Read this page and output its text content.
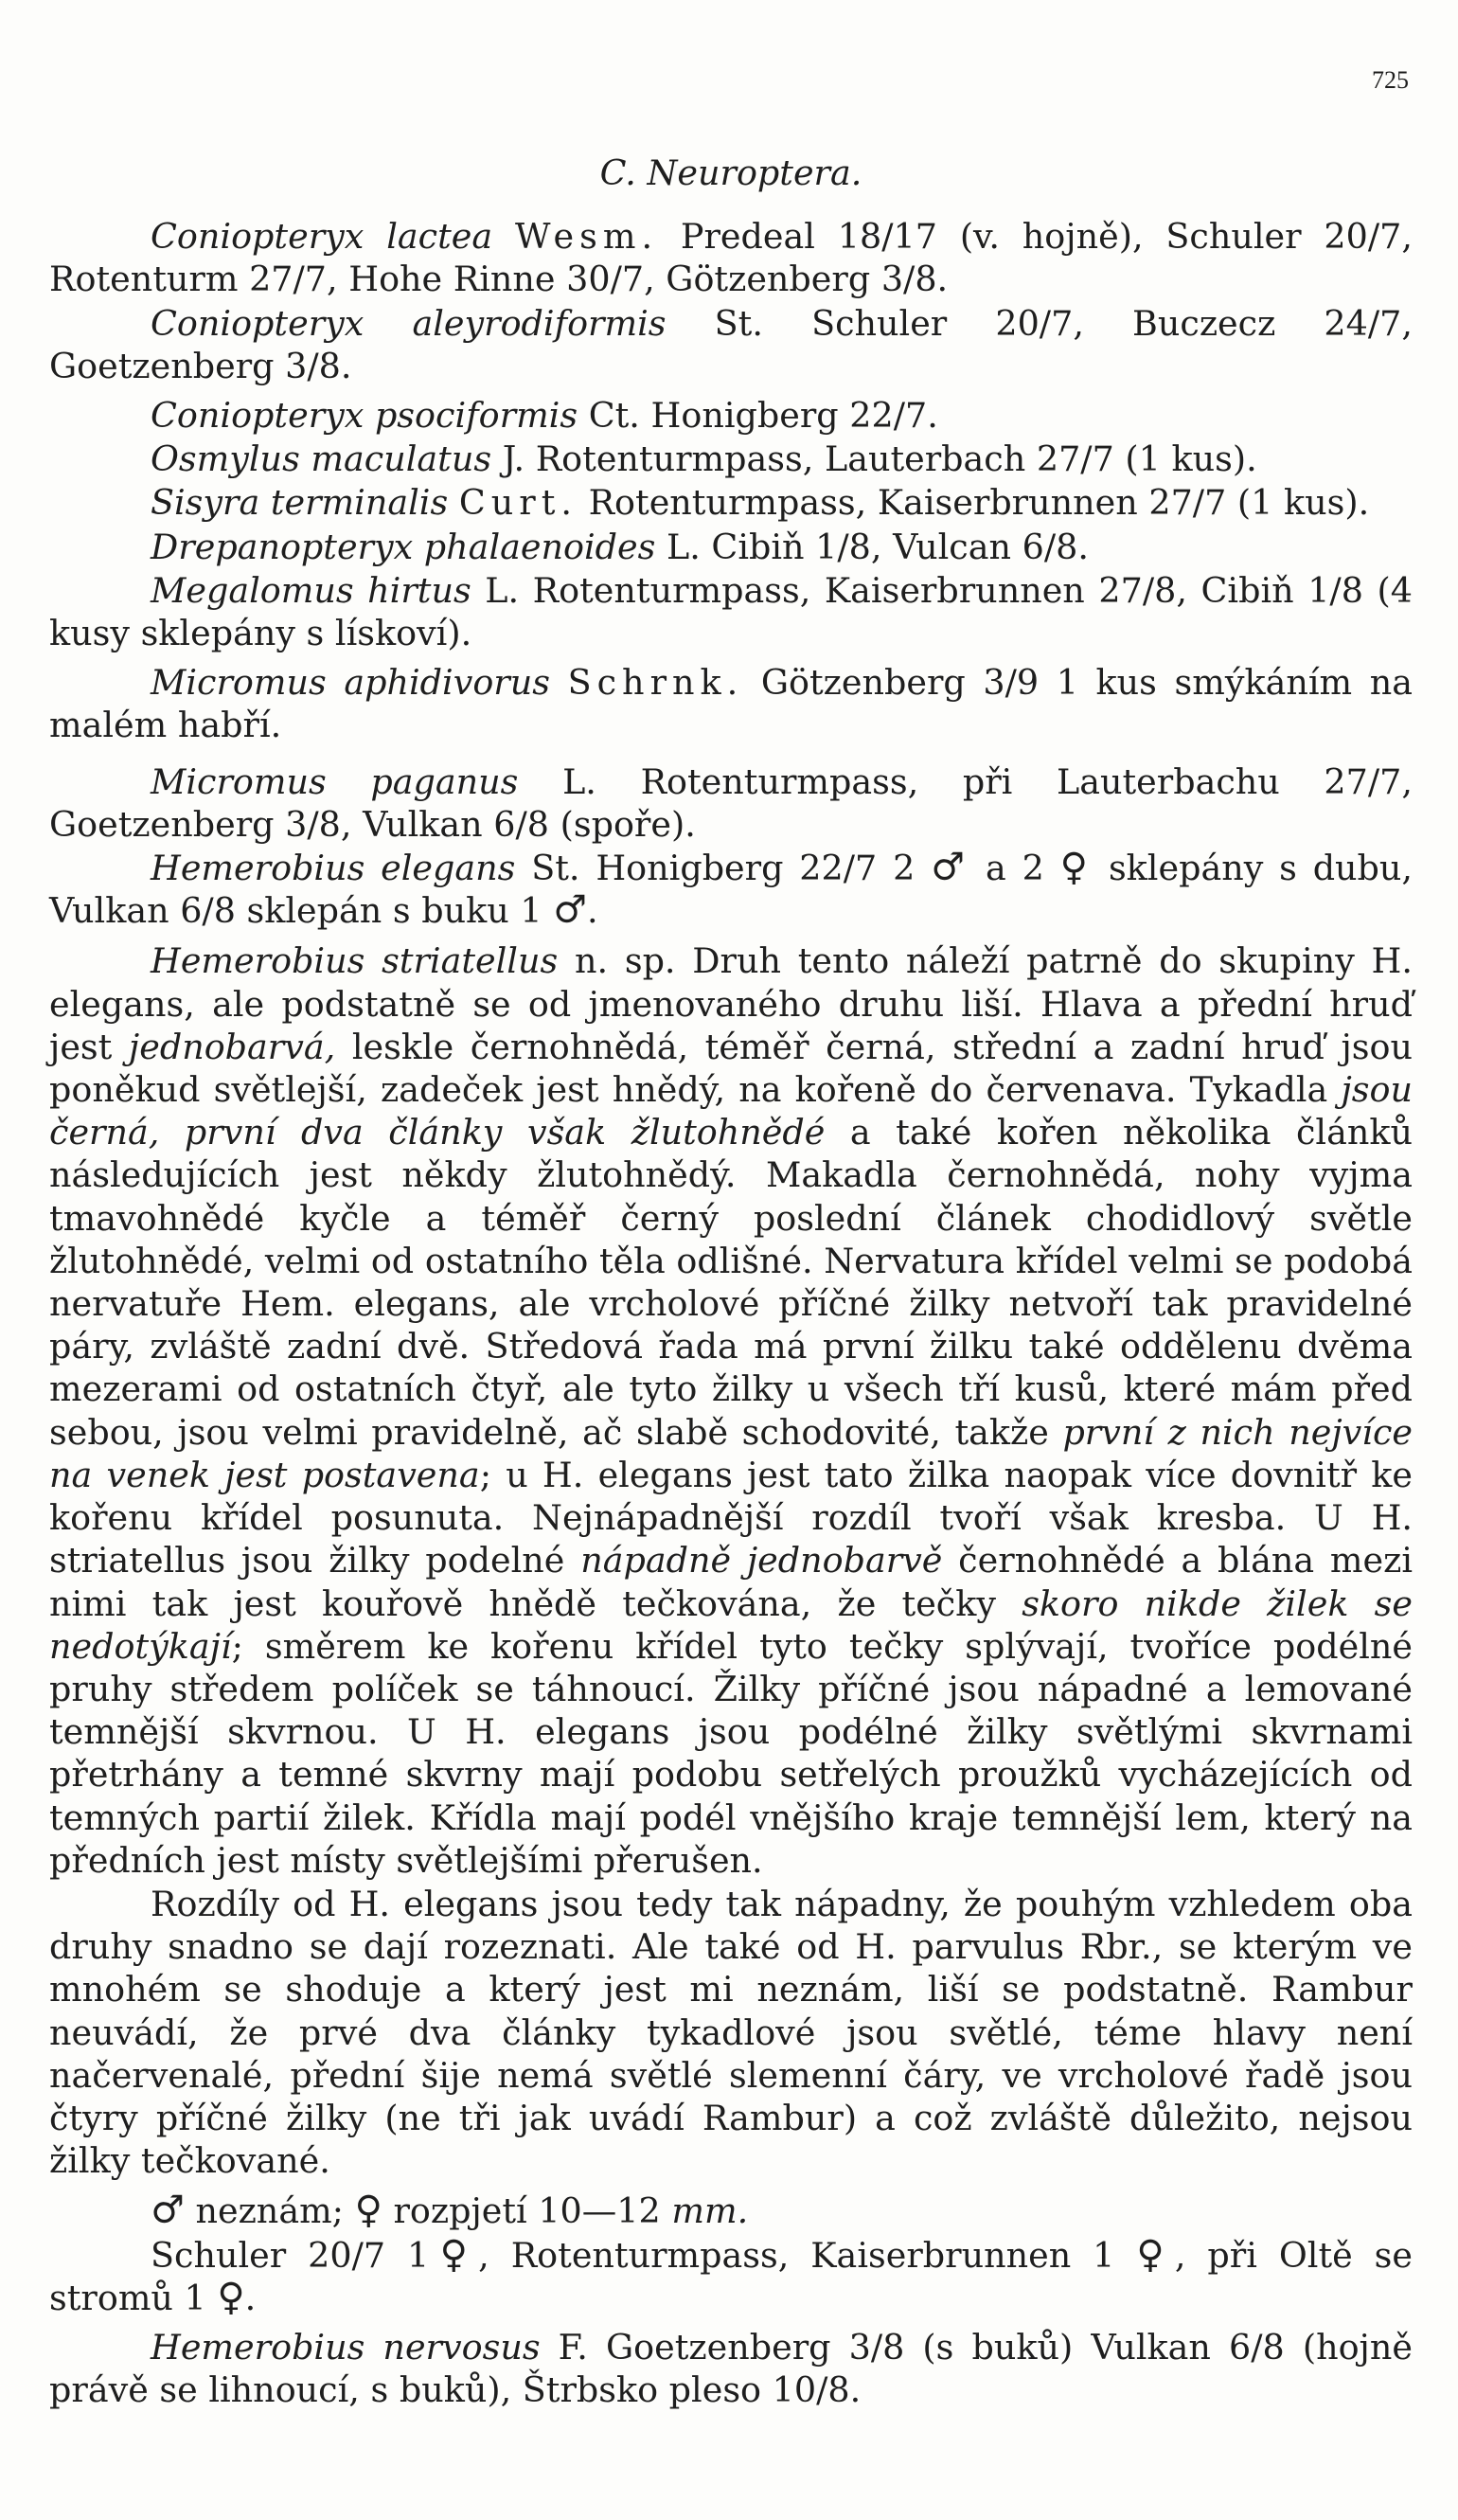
725
C. Neuroptera.
Coniopteryx lactea Wesm. Predeal 18/17 (v. hojně), Schuler 20/7, Rotenturm 27/7, Hohe Rinne 30/7, Götzenberg 3/8.
Coniopteryx aleyrodiformis St. Schuler 20/7, Buczecz 24/7, Goetzenberg 3/8.
Coniopteryx psociformis Ct. Honigberg 22/7.
Osmylus maculatus J. Rotenturmpass, Lauterbach 27/7 (1 kus).
Sisyra terminalis Curt. Rotenturmpass, Kaiserbrunnen 27/7 (1 kus).
Drepanopteryx phalaenoides L. Cibiň 1/8, Vulcan 6/8.
Megalomus hirtus L. Rotenturmpass, Kaiserbrunnen 27/8, Cibiň 1/8 (4 kusy sklepány s lískoví).
Micromus aphidivorus Schrnk. Götzenberg 3/9 1 kus smýkáním na malém habří.
Micromus paganus L. Rotenturmpass, při Lauterbachu 27/7, Goetzenberg 3/8, Vulkan 6/8 (spoře).
Hemerobius elegans St. Honigberg 22/7 2 ♂ a 2 ♀ sklepány s dubu, Vulkan 6/8 sklepán s buku 1 ♂.
Hemerobius striatellus n. sp. Druh tento náleží patrně do skupiny H. elegans, ale podstatně se od jmenovaného druhu liší. Hlava a přední hruď jest jednobarvá, leskle černohnědá, téměř černá, střední a zadní hruď jsou poněkud světlejší, zadeček jest hnědý, na kořeně do červenava. Tykadla jsou černá, první dva články však žlutohnědé a také kořen několika článků následujících jest někdy žlutohnědý. Makadla černohnědá, nohy vyjma tmavohnědé kyčle a téměř černý poslední článek chodidlový světle žlutohnědé, velmi od ostatního těla odlišné. Nervatura křídel velmi se podobá nervatuře Hem. elegans, ale vrcholové příčné žilky netvoří tak pravidelné páry, zvláště zadní dvě. Středová řada má první žilku také oddělenu dvěma mezerami od ostatních čtyř, ale tyto žilky u všech tří kusů, které mám před sebou, jsou velmi pravidelně, ač slabě schodovité, takže první z nich nejvíce na venek jest postavena; u H. elegans jest tato žilka naopak více dovnitř ke kořenu křídel posunuta. Nejnápadnější rozdíl tvoří však kresba. U H. striatellus jsou žilky podelné nápadně jednobarvě černohnědé a blána mezi nimi tak jest kouřově hnědě tečkována, že tečky skoro nikde žilek se nedotýkají; směrem ke kořenu křídel tyto tečky splývají, tvoříce podélné pruhy středem políček se táhnoucí. Žilky příčné jsou nápadné a lemované temnější skvrnou. U H. elegans jsou podélné žilky světlými skvrnami přetrhány a temné skvrny mají podobu setřelých proužků vycházejících od temných partií žilek. Křídla mají podél vnějšího kraje temnější lem, který na předních jest místy světlejšími přerušen.
Rozdíly od H. elegans jsou tedy tak nápadny, že pouhým vzhledem oba druhy snadno se dají rozeznati. Ale také od H. parvulus Rbr., se kterým ve mnohém se shoduje a který jest mi neznám, liší se podstatně. Rambur neuvádí, že prvé dva články tykadlové jsou světlé, téme hlavy není načervenalé, přední šije nemá světlé slemenní čáry, ve vrcholové řadě jsou čtyry příčné žilky (ne tři jak uvádí Rambur) a což zvláště důležito, nejsou žilky tečkované.
♂ neznám; ♀ rozpjetí 10—12 mm.
Schuler 20/7 1♀, Rotenturmpass, Kaiserbrunnen 1 ♀, při Oltě se stromů 1 ♀.
Hemerobius nervosus F. Goetzenberg 3/8 (s buků) Vulkan 6/8 (hojně právě se lihnoucí, s buků), Štrbsko pleso 10/8.
